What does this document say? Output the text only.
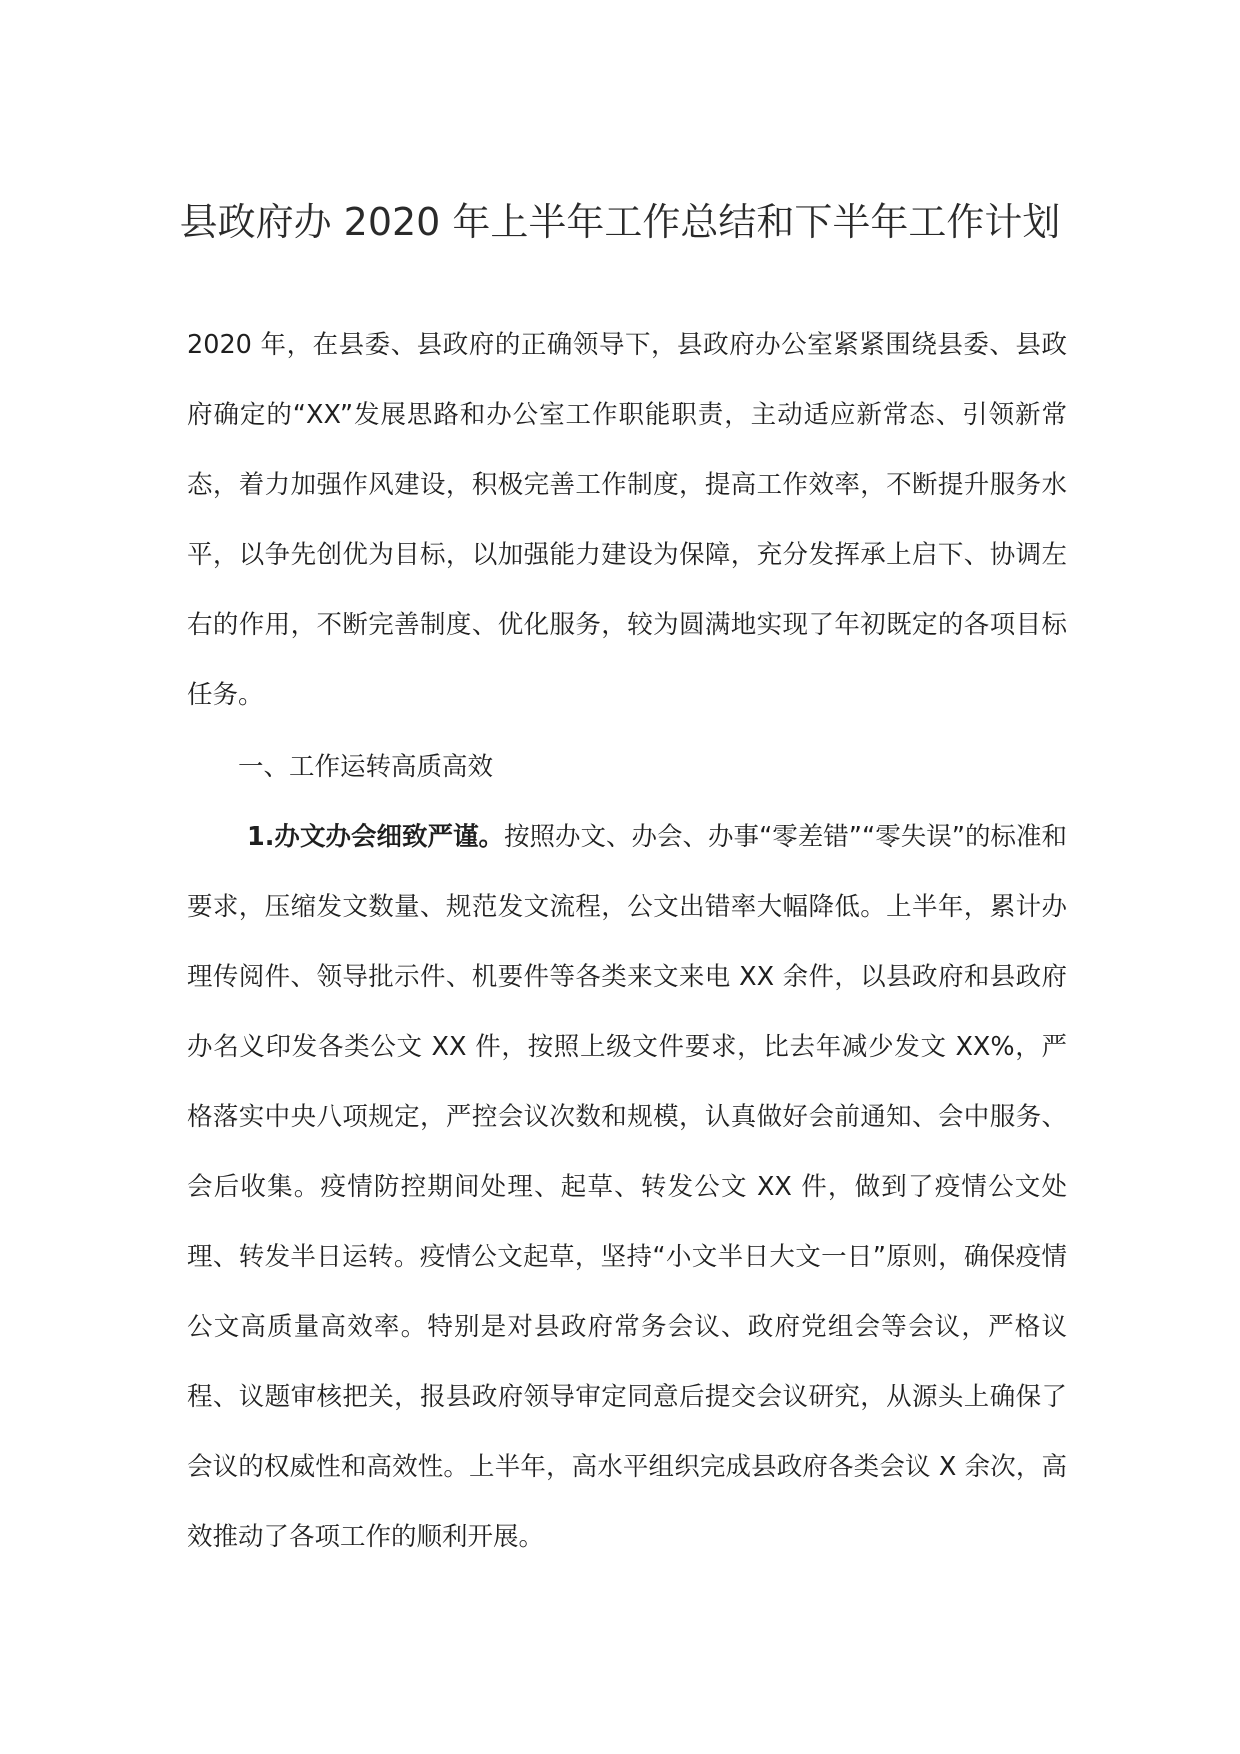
县政府办 2020 年上半年工作总结和下半年工作计划

2020 年，在县委、县政府的正确领导下，县政府办公室紧紧围绕县委、县政府确定的“XX”发展思路和办公室工作职能职责，主动适应新常态、引领新常态，着力加强作风建设，积极完善工作制度，提高工作效率，不断提升服务水平，以争先创优为目标，以加强能力建设为保障，充分发挥承上启下、协调左右的作用，不断完善制度、优化服务，较为圆满地实现了年初既定的各项目标任务。

一、工作运转高质高效

1.办文办会细致严谨。按照办文、办会、办事“零差错”“零失误”的标准和要求，压缩发文数量、规范发文流程，公文出错率大幅降低。上半年，累计办理传阅件、领导批示件、机要件等各类来文来电 XX 余件，以县政府和县政府办名义印发各类公文 XX 件，按照上级文件要求，比去年减少发文 XX%，严格落实中央八项规定，严控会议次数和规模，认真做好会前通知、会中服务、会后收集。疫情防控期间处理、起草、转发公文 XX 件，做到了疫情公文处理、转发半日运转。疫情公文起草，坚持“小文半日大文一日”原则，确保疫情公文高质量高效率。特别是对县政府常务会议、政府党组会等会议，严格议程、议题审核把关，报县政府领导审定同意后提交会议研究，从源头上确保了会议的权威性和高效性。上半年，高水平组织完成县政府各类会议 X 余次，高效推动了各项工作的顺利开展。
